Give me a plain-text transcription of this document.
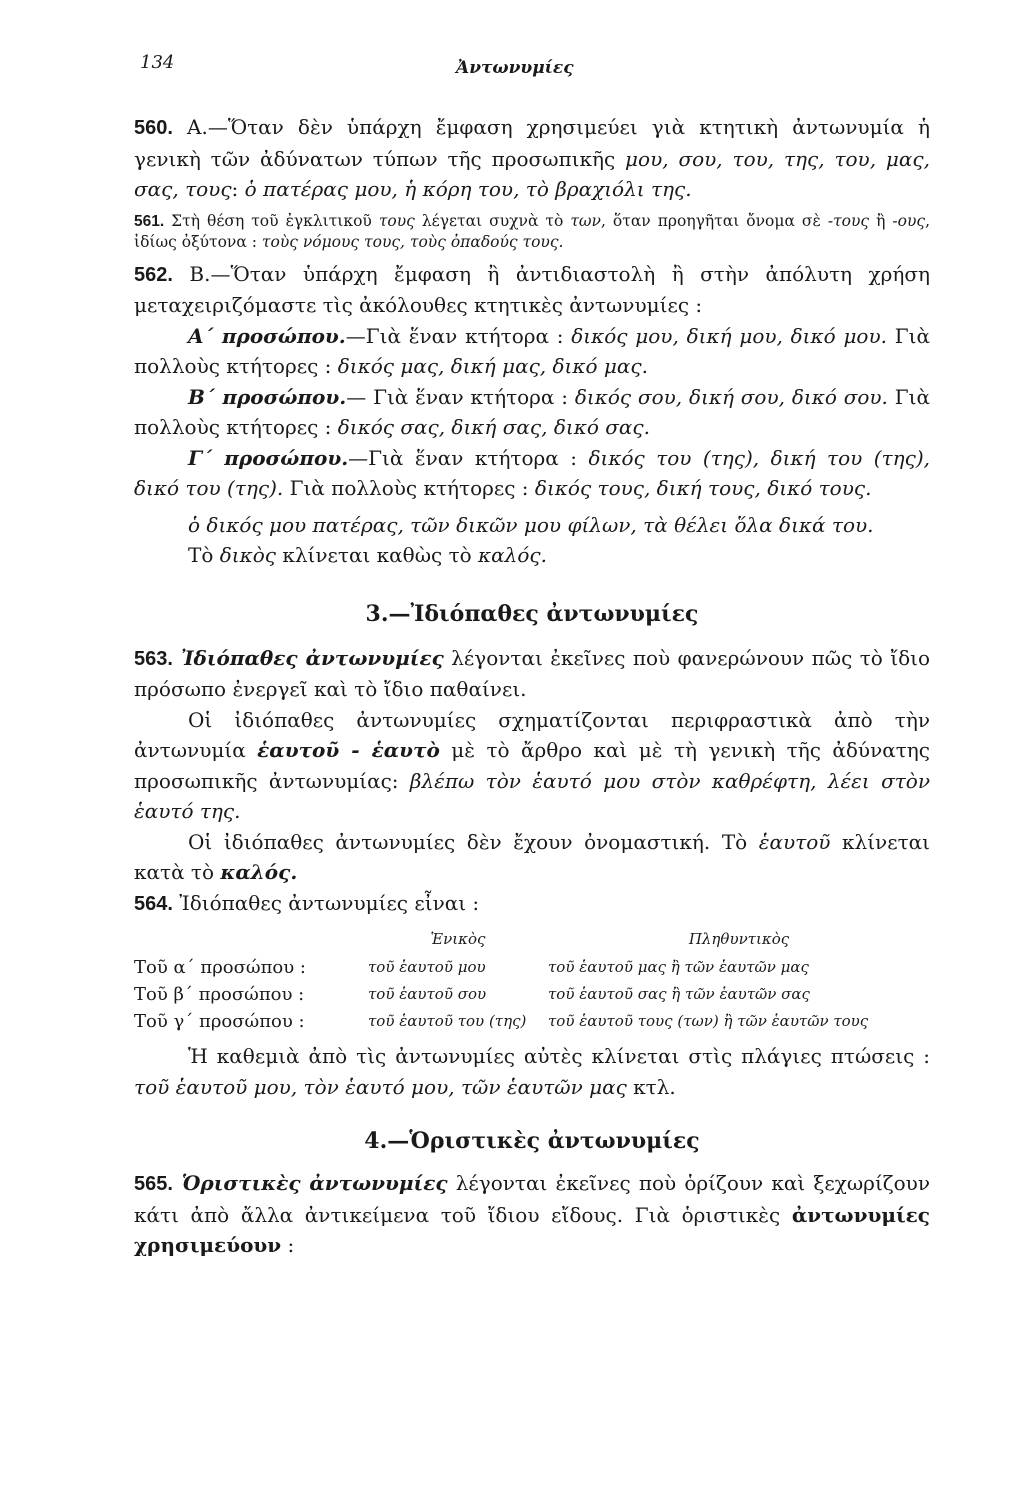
134	Ἀντωνυμίες

560. Α.—Ὅταν δὲν ὑπάρχη ἔμφαση χρησιμεύει γιὰ κτητικὴ ἀντωνυμία ἡ γενικὴ τῶν ἀδύνατων τύπων τῆς προσωπικῆς μου, σου, του, της, του, μας, σας, τους: ὁ πατέρας μου, ἡ κόρη του, τὸ βραχιόλι της.

561. Στὴ θέση τοῦ ἐγκλιτικοῦ τους λέγεται συχνὰ τὸ των, ὅταν προηγῆται ὄνομα σὲ -τους ἢ -ους, ἰδίως ὀξύτονα : τοὺς νόμους τους, τοὺς ὀπαδούς τους.

562. Β.—Ὅταν ὑπάρχη ἔμφαση ἢ ἀντιδιαστολὴ ἢ στὴν ἀπόλυτη χρήση μεταχειριζόμαστε τὶς ἀκόλουθες κτητικὲς ἀντωνυμίες :

Α΄ προσώπου.—Γιὰ ἕναν κτήτορα : δικός μου, δική μου, δικό μου. Γιὰ πολλοὺς κτήτορες : δικός μας, δική μας, δικό μας.

Β΄ προσώπου.— Γιὰ ἕναν κτήτορα : δικός σου, δική σου, δικό σου. Γιὰ πολλοὺς κτήτορες : δικός σας, δική σας, δικό σας.

Γ΄ προσώπου.—Γιὰ ἕναν κτήτορα : δικός του (της), δική του (της), δικό του (της). Γιὰ πολλοὺς κτήτορες : δικός τους, δική τους, δικό τους.

ὁ δικός μου πατέρας, τῶν δικῶν μου φίλων, τὰ θέλει ὅλα δικά του.

Τὸ δικὸς κλίνεται καθὼς τὸ καλός.

3.—Ἰδιόπαθες ἀντωνυμίες

563. Ἰδιόπαθες ἀντωνυμίες λέγονται ἐκεῖνες ποὺ φανερώνουν πῶς τὸ ἴδιο πρόσωπο ἐνεργεῖ καὶ τὸ ἴδιο παθαίνει.

Οἱ ἰδιόπαθες ἀντωνυμίες σχηματίζονται περιφραστικὰ ἀπὸ τὴν ἀντωνυμία ἑαυτοῦ - ἑαυτὸ μὲ τὸ ἄρθρο καὶ μὲ τὴ γενικὴ τῆς ἀδύνατης προσωπικῆς ἀντωνυμίας: βλέπω τὸν ἑαυτό μου στὸν καθρέφτη, λέει στὸν ἑαυτό της.

Οἱ ἰδιόπαθες ἀντωνυμίες δὲν ἔχουν ὀνομαστική. Τὸ ἑαυτοῦ κλίνεται κατὰ τὸ καλός.

564. Ἰδιόπαθες ἀντωνυμίες εἶναι :

	Ἑνικὸς	Πληθυντικὸς
Τοῦ α΄ προσώπου :	τοῦ ἑαυτοῦ μου	τοῦ ἑαυτοῦ μας ἢ τῶν ἑαυτῶν μας
Τοῦ β΄ προσώπου :	τοῦ ἑαυτοῦ σου	τοῦ ἑαυτοῦ σας ἢ τῶν ἑαυτῶν σας
Τοῦ γ΄ προσώπου :	τοῦ ἑαυτοῦ του (της)	τοῦ ἑαυτοῦ τους (των) ἢ τῶν ἑαυτῶν τους

Ἡ καθεμιὰ ἀπὸ τὶς ἀντωνυμίες αὐτὲς κλίνεται στὶς πλάγιες πτώσεις : τοῦ ἑαυτοῦ μου, τὸν ἑαυτό μου, τῶν ἑαυτῶν μας κτλ.

4.—Ὁριστικὲς ἀντωνυμίες

565. Ὁριστικὲς ἀντωνυμίες λέγονται ἐκεῖνες ποὺ ὁρίζουν καὶ ξεχωρίζουν κάτι ἀπὸ ἄλλα ἀντικείμενα τοῦ ἴδιου εἴδους. Γιὰ ὁριστικὲς ἀντωνυμίες χρησιμεύουν :
